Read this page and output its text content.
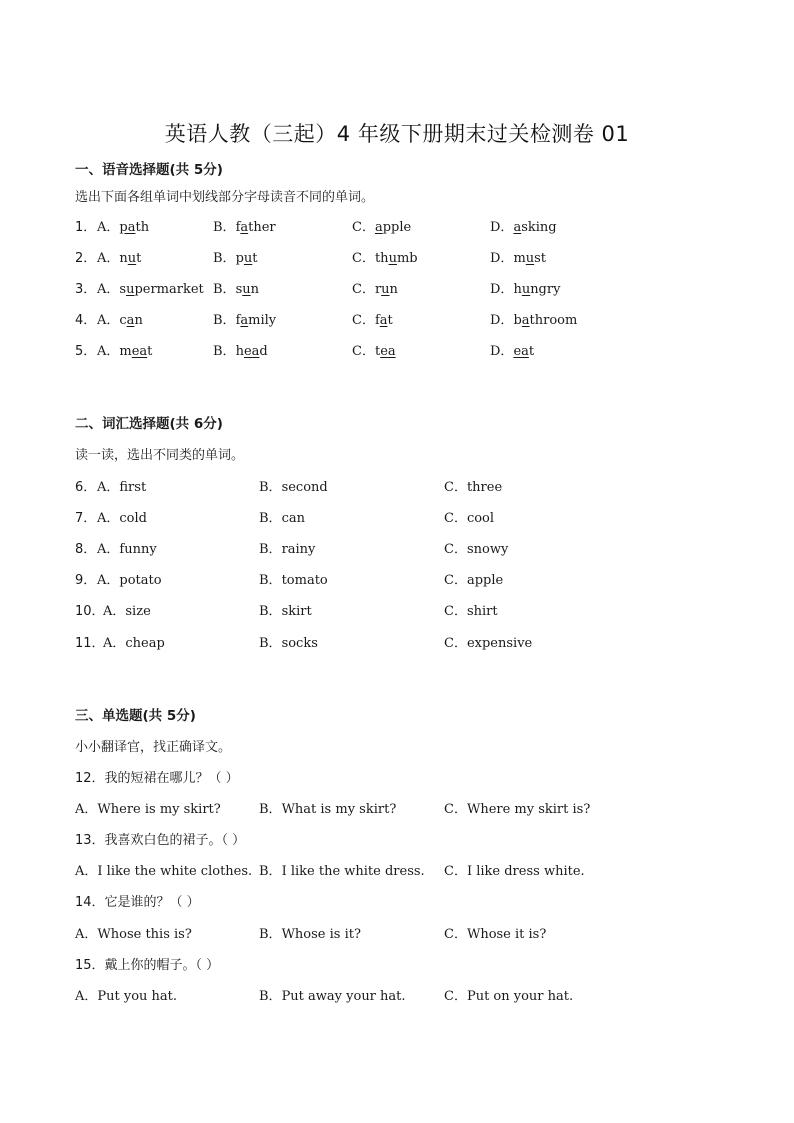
英语人教（三起）4 年级下册期末过关检测卷 01
一、语音选择题(共 5分)
选出下面各组单词中划线部分字母读音不同的单词。
1． A．path	B．father	C．apple	D．asking
2． A．nut	B．put	C．thumb	D．must
3． A．supermarket B．sun	C．run	D．hungry
4． A．can	B．family	C．fat	D．bathroom
5． A．meat	B．head	C．tea	D．eat
二、词汇选择题(共 6分)
读一读，选出不同类的单词。
6． A．first	B．second	C．three
7． A．cold	B．can	C．cool
8． A．funny	B．rainy	C．snowy
9． A．potato	B．tomato	C．apple
10．
A．size	B．skirt	C．shirt
11．
A．cheap	B．socks	C．expensive
三、单选题(共 5分)
小小翻译官，找正确译文。
12．我的短裙在哪儿？（ ）
A．Where is my skirt?	B．What is my skirt?	C．Where my skirt is?
13．我喜欢白色的裙子。（ ）
A．I like the white clothes. B．I like the white dress. C．I like dress white.
14．它是谁的？（ ）
A．Whose this is?	B．Whose is it?	C．Whose it is?
15．戴上你的帽子。（ ）
A．Put you hat.	B．Put away your hat.	C．Put on your hat.
